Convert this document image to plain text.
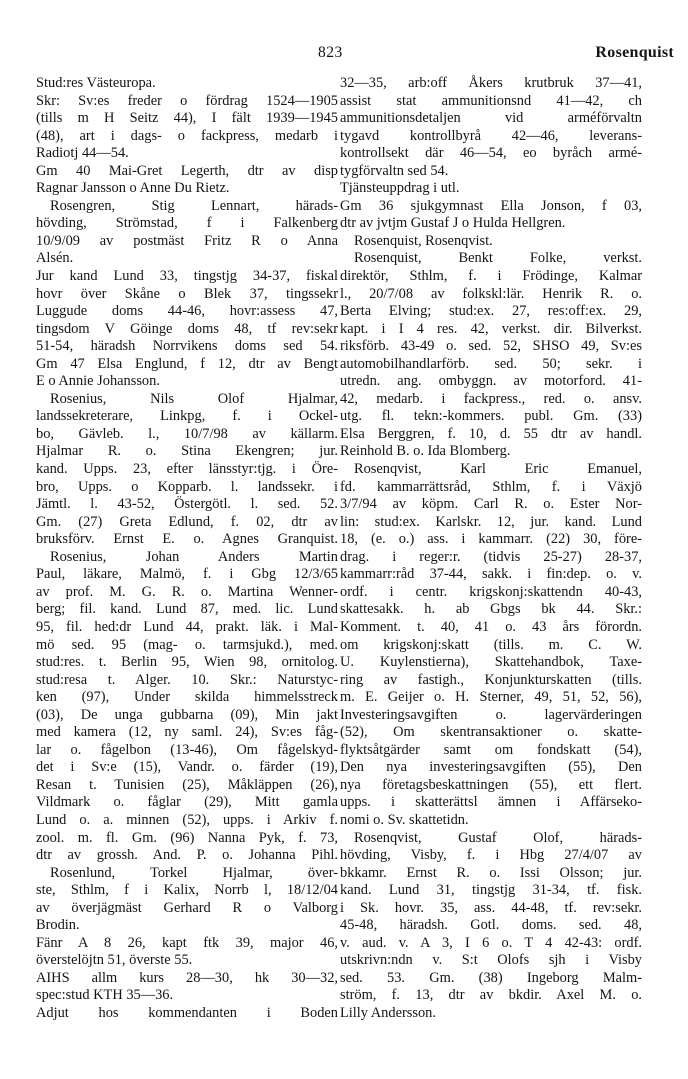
823	Rosenquist
Stud:res Västeuropa.
Skr: Sv:es freder o fördrag 1524—1905
(tills m H Seitz 44), I fält 1939—1945
(48), art i dags- o fackpress, medarb i
Radiotj 44—54.
Gm 40 Mai-Gret Legerth, dtr av disp
Ragnar Jansson o Anne Du Rietz.
Rosengren, Stig Lennart, härads-
hövding, Strömstad, f i Falkenberg
10/9/09 av postmäst Fritz R o Anna
Alsén.
Jur kand Lund 33, tingstjg 34-37, fiskal
hovr över Skåne o Blek 37, tingssekr
Luggude doms 44-46, hovr:assess 47,
tingsdom V Göinge doms 48, tf rev:sekr
51-54, häradsh Norrvikens doms sed 54.
Gm 47 Elsa Englund, f 12, dtr av Bengt
E o Annie Johansson.
Rosenius, Nils Olof Hjalmar,
landssekreterare, Linkpg, f. i Ockel-
bo, Gävleb. l., 10/7/98 av källarm.
Hjalmar R. o. Stina Ekengren; jur.
kand. Upps. 23, efter länsstyr:tjg. i Öre-
bro, Upps. o Kopparb. l. landssekr. i
Jämtl. l. 43-52, Östergötl. l. sed. 52.
Gm. (27) Greta Edlund, f. 02, dtr av
bruksförv. Ernst E. o. Agnes Granquist.
Rosenius, Johan Anders Martin
Paul, läkare, Malmö, f. i Gbg 12/3/65
av prof. M. G. R. o. Martina Wenner-
berg; fil. kand. Lund 87, med. lic. Lund
95, fil. hed:dr Lund 44, prakt. läk. i Mal-
mö sed. 95 (mag- o. tarmsjukd.), med.
stud:res. t. Berlin 95, Wien 98, ornitolog.
stud:resa t. Alger. 10. Skr.: Naturstyc-
ken (97), Under skilda himmelsstreck
(03), De unga gubbarna (09), Min jakt
med kamera (12, ny saml. 24), Sv:es fåg-
lar o. fågelbon (13-46), Om fågelskyd-
det i Sv:e (15), Vandr. o. färder (19),
Resan t. Tunisien (25), Måkläppen (26),
Vildmark o. fåglar (29), Mitt gamla
Lund o. a. minnen (52), upps. i Arkiv f.
zool. m. fl. Gm. (96) Nanna Pyk, f. 73,
dtr av grossh. And. P. o. Johanna Pihl.
Rosenlund, Torkel Hjalmar, över-
ste, Sthlm, f i Kalix, Norrb l, 18/12/04
av överjägmäst Gerhard R o Valborg
Brodin.
Fänr A 8 26, kapt ftk 39, major 46,
överstelöjtn 51, överste 55.
AIHS allm kurs 28—30, hk 30—32,
spec:stud KTH 35—36.
Adjut hos kommendanten i Boden
32—35, arb:off Åkers krutbruk 37—41,
assist stat ammunitionsnd 41—42, ch
ammunitionsdetaljen vid arméförvaltn
tygavd kontrollbyrå 42—46, leverans-
kontrollsekt där 46—54, eo byråch armé-
tygförvaltn sed 54.
Tjänsteuppdrag i utl.
Gm 36 sjukgymnast Ella Jonson, f 03,
dtr av jvtjm Gustaf J o Hulda Hellgren.
Rosenquist, Rosenqvist.
Rosenquist, Benkt Folke, verkst.
direktör, Sthlm, f. i Frödinge, Kalmar
l., 20/7/08 av folkskl:lär. Henrik R. o.
Berta Elving; stud:ex. 27, res:off:ex. 29,
kapt. i I 4 res. 42, verkst. dir. Bilverkst.
riksförb. 43-49 o. sed. 52, SHSO 49, Sv:es
automobilhandlarförb. sed. 50; sekr. i
utredn. ang. ombyggn. av motorford. 41-
42, medarb. i fackpress., red. o. ansv.
utg. fl. tekn:-kommers. publ. Gm. (33)
Elsa Berggren, f. 10, d. 55 dtr av handl.
Reinhold B. o. Ida Blomberg.
Rosenqvist, Karl Eric Emanuel,
fd. kammarrättsråd, Sthlm, f. i Växjö
3/7/94 av köpm. Carl R. o. Ester Nor-
lin: stud:ex. Karlskr. 12, jur. kand. Lund
18, (e. o.) ass. i kammarr. (22) 30, före-
drag. i reger:r. (tidvis 25-27) 28-37,
kammarr:råd 37-44, sakk. i fin:dep. o. v.
ordf. i centr. krigskonj:skattendn 40-43,
skattesakk. h. ab Gbgs bk 44. Skr.:
Komment. t. 40, 41 o. 43 års förordn.
om krigskonj:skatt (tills. m. C. W.
U. Kuylenstierna), Skattehandbok, Taxe-
ring av fastigh., Konjunkturskatten (tills.
m. E. Geijer o. H. Sterner, 49, 51, 52, 56),
Investeringsavgiften o. lagervärderingen
(52), Om skentransaktioner o. skatte-
flyktsåtgärder samt om fondskatt (54),
Den nya investeringsavgiften (55), Den
nya företagsbeskattningen (55), ett flert.
upps. i skatterättsl ämnen i Affärseko-
nomi o. Sv. skattetidn.
Rosenqvist, Gustaf Olof, härads-
hövding, Visby, f. i Hbg 27/4/07 av
bkkamr. Ernst R. o. Issi Olsson; jur.
kand. Lund 31, tingstjg 31-34, tf. fisk.
i Sk. hovr. 35, ass. 44-48, tf. rev:sekr.
45-48, häradsh. Gotl. doms. sed. 48,
v. aud. v. A 3, I 6 o. T 4 42-43: ordf.
utskrivn:ndn v. S:t Olofs sjh i Visby
sed. 53. Gm. (38) Ingeborg Malm-
ström, f. 13, dtr av bkdir. Axel M. o.
Lilly Andersson.
